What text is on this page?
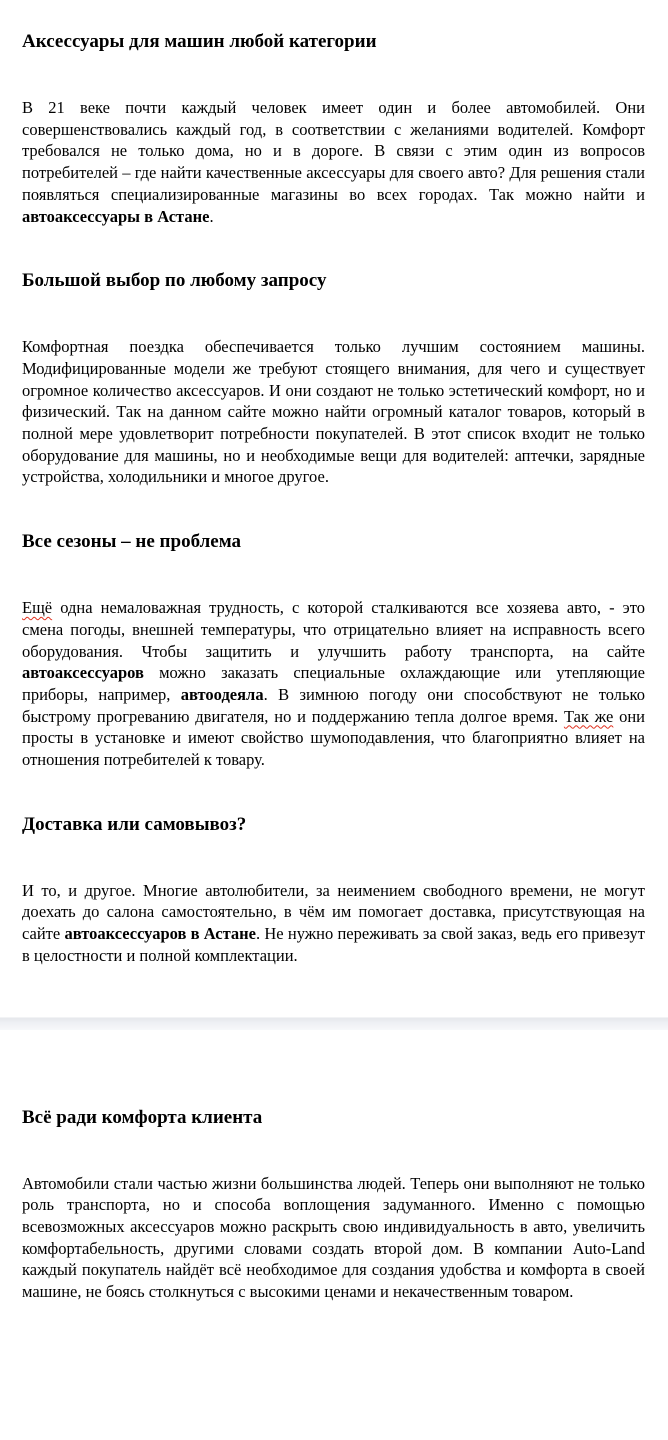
Аксессуары для машин любой категории

В 21 веке почти каждый человек имеет один и более автомобилей. Они совершенствовались каждый год, в соответствии с желаниями водителей. Комфорт требовался не только дома, но и в дороге. В связи с этим один из вопросов потребителей – где найти качественные аксессуары для своего авто? Для решения стали появляться специализированные магазины во всех городах. Так можно найти и автоаксессуары в Астане.

Большой выбор по любому запросу

Комфортная поездка обеспечивается только лучшим состоянием машины. Модифицированные модели же требуют стоящего внимания, для чего и существует огромное количество аксессуаров. И они создают не только эстетический комфорт, но и физический. Так на данном сайте можно найти огромный каталог товаров, который в полной мере удовлетворит потребности покупателей. В этот список входит не только оборудование для машины, но и необходимые вещи для водителей: аптечки, зарядные устройства, холодильники и многое другое.

Все сезоны – не проблема

Ещё одна немаловажная трудность, с которой сталкиваются все хозяева авто, - это смена погоды, внешней температуры, что отрицательно влияет на исправность всего оборудования. Чтобы защитить и улучшить работу транспорта, на сайте автоаксессуаров можно заказать специальные охлаждающие или утепляющие приборы, например, автоодеяла. В зимнюю погоду они способствуют не только быстрому прогреванию двигателя, но и поддержанию тепла долгое время. Так же они просты в установке и имеют свойство шумоподавления, что благоприятно влияет на отношения потребителей к товару.

Доставка или самовывоз?

И то, и другое. Многие автолюбители, за неимением свободного времени, не могут доехать до салона самостоятельно, в чём им помогает доставка, присутствующая на сайте автоаксессуаров в Астане. Не нужно переживать за свой заказ, ведь его привезут в целостности и полной комплектации.

Всё ради комфорта клиента

Автомобили стали частью жизни большинства людей. Теперь они выполняют не только роль транспорта, но и способа воплощения задуманного. Именно с помощью всевозможных аксессуаров можно раскрыть свою индивидуальность в авто, увеличить комфортабельность, другими словами создать второй дом. В компании Auto-Land каждый покупатель найдёт всё необходимое для создания удобства и комфорта в своей машине, не боясь столкнуться с высокими ценами и некачественным товаром.
